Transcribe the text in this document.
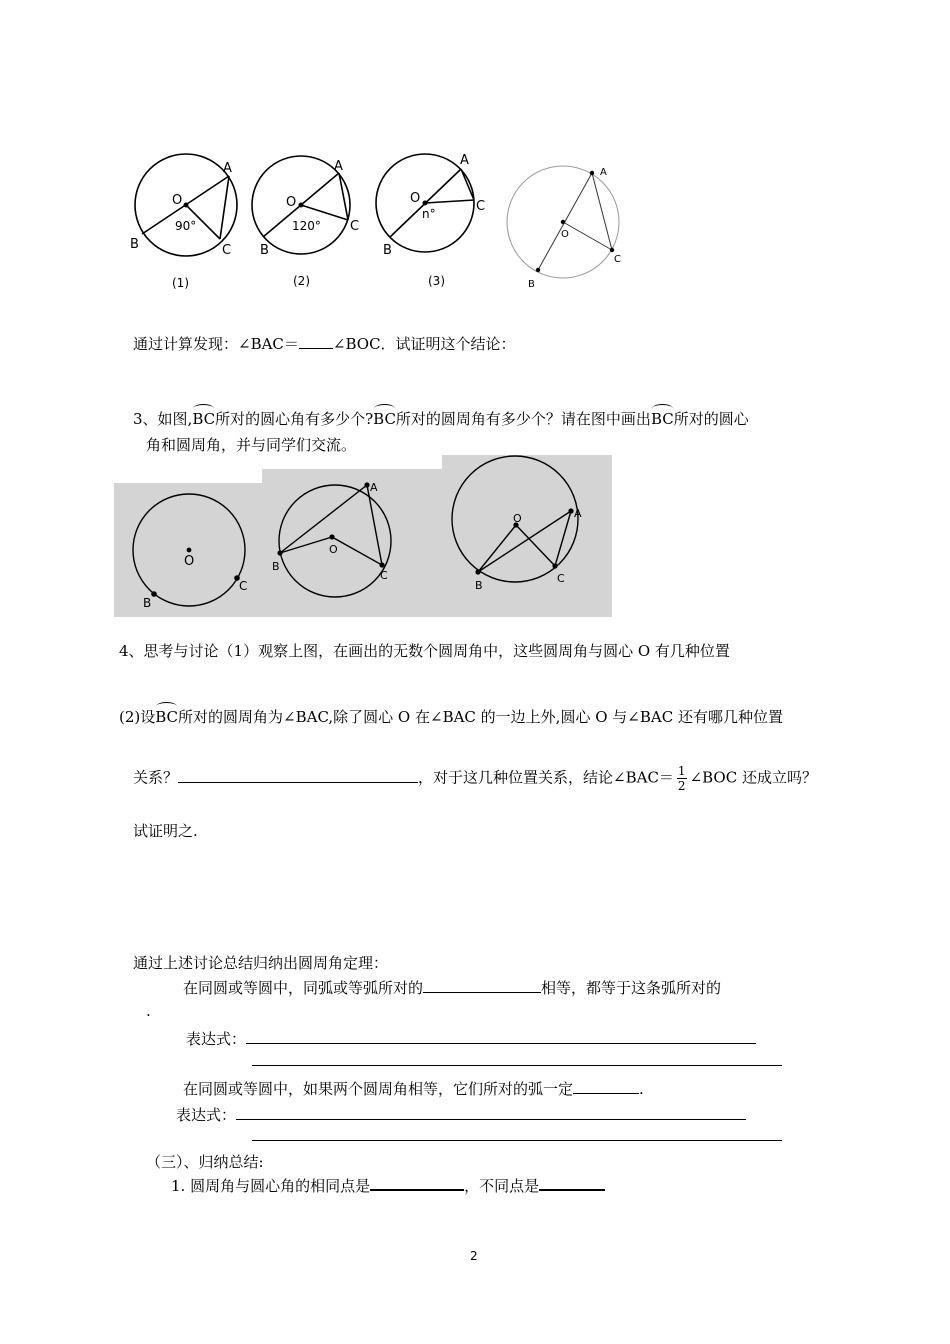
A
O
B	C
90°
(1)
A
O
B
C
120°
(2)
A
O
B
C
n°
(3)
A
O
B
C
通过计算发现：∠BAC＝ ∠BOC．试证明这个结论：
3、如图,BC所对的圆心角有多少个?BC所对的圆周角有多少个？请在图中画出BC所对的圆心
角和圆周角，并与同学们交流。
O
B
C
A
O
B
C
A
O
B
C
4、思考与讨论（1）观察上图，在画出的无数个圆周角中，这些圆周角与圆心 O 有几种位置
(2)设BC所对的圆周角为∠BAC,除了圆心 O 在∠BAC 的一边上外,圆心 O 与∠BAC 还有哪几种位置
关系？	，对于这几种位置关系，结论∠BAC＝ $\frac{1}{2}$ ∠BOC 还成立吗？
试证明之.
通过上述讨论总结归纳出圆周角定理：
在同圆或等圆中，同弧或等弧所对的	相等，都等于这条弧所对的
.
表达式：
在同圆或等圆中，如果两个圆周角相等，它们所对的弧一定	.
表达式：
（三）、归纳总结:
1. 圆周角与圆心角的相同点是	，不同点是
2
